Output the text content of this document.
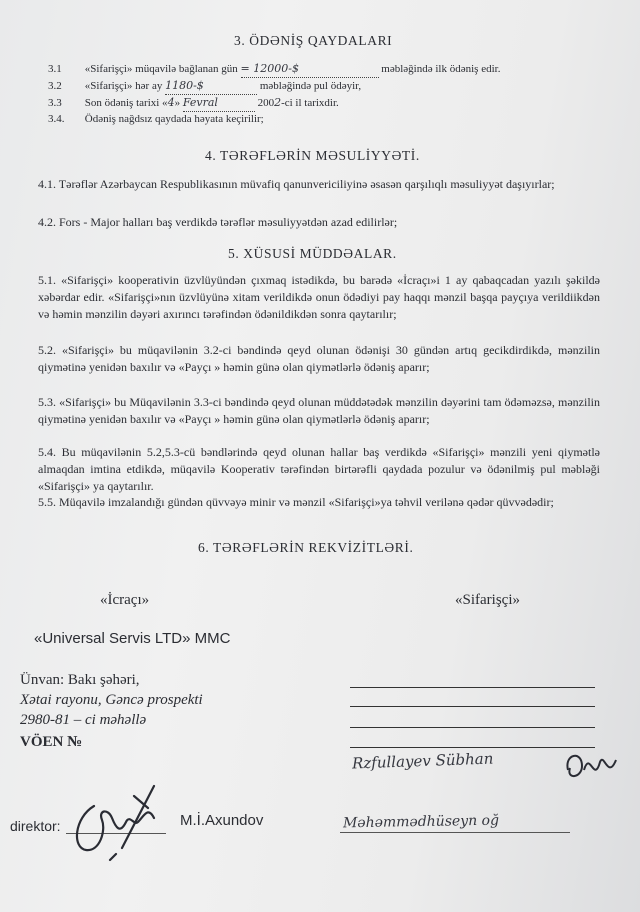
3. ÖDƏNİŞ QAYDALARI
3.1 «Sifarişçi» müqavilə bağlanan gün = 12000-$	məbləğində ilk ödəniş edir.
3.2 «Sifarişçi» hər ay 1180-$	məbləğində pul ödəyir,
3.3 Son ödəniş tarixi «4» Fevral	2002-ci il tarixdir.
3.4. Ödəniş nağdsız qaydada həyata keçirilir;
4. TƏRƏFLƏRİN MƏSULİYYƏTİ.
4.1. Tərəflər Azərbaycan Respublikasının müvafiq qanunvericiliyinə əsasən qarşılıqlı məsuliyyət daşıyırlar;
4.2. Fors - Major halları baş verdikdə tərəflər məsuliyyətdən azad edilirlər;
5. XÜSUSİ MÜDDƏALAR.
5.1. «Sifarişçi» kooperativin üzvlüyündən çıxmaq istədikdə, bu barədə «İcraçı»i 1 ay qabaqcadan yazılı şəkildə xəbərdar edir. «Sifarişçi»nın üzvlüyünə xitam verildikdə onun ödədiyi pay haqqı mənzil başqa payçıya verildiikdən və həmin mənzilin dəyəri axırıncı tərəfindən ödənildikdən sonra qaytarılır;
5.2. «Sifarişçi» bu müqavilənin 3.2-ci bəndində qeyd olunan ödənişi 30 gündən artıq gecikdirdikdə, mənzilin qiymətinə yenidən baxılır və «Payçı » həmin günə olan qiymətlərlə ödəniş aparır;
5.3. «Sifarişçi» bu Müqavilənin 3.3-ci bəndində qeyd olunan müddətədək mənzilin dəyərini tam ödəməzsə, mənzilin qiymətinə yenidən baxılır və «Payçı » həmin günə olan qiymətlərlə ödəniş aparır;
5.4. Bu müqavilənin 5.2,5.3-cü bəndlərində qeyd olunan hallar baş verdikdə «Sifarişçi» mənzili yeni qiymətlə almaqdan imtina etdikdə, müqavilə Kooperativ tərəfindən birtərəfli qaydada pozulur və ödənilmiş pul məbləği «Sifarişçi» ya qaytarılır.
5.5. Müqavilə imzalandığı gündən qüvvəyə minir və mənzil «Sifarişçi»ya təhvil verilənə qədər qüvvədədir;
6. TƏRƏFLƏRİN REKVİZİTLƏRİ.
«İcraçı»	«Sifarişçi»
«Universal Servis LTD» MMC
Ünvan: Bakı şəhəri,
Xətai rayonu, Gəncə prospekti
2980-81 – ci məhəllə
VÖEN №
Rzfullayev Sübhan
Məhəmmədhüseyn oğ
direktor:	M.İ.Axundov
